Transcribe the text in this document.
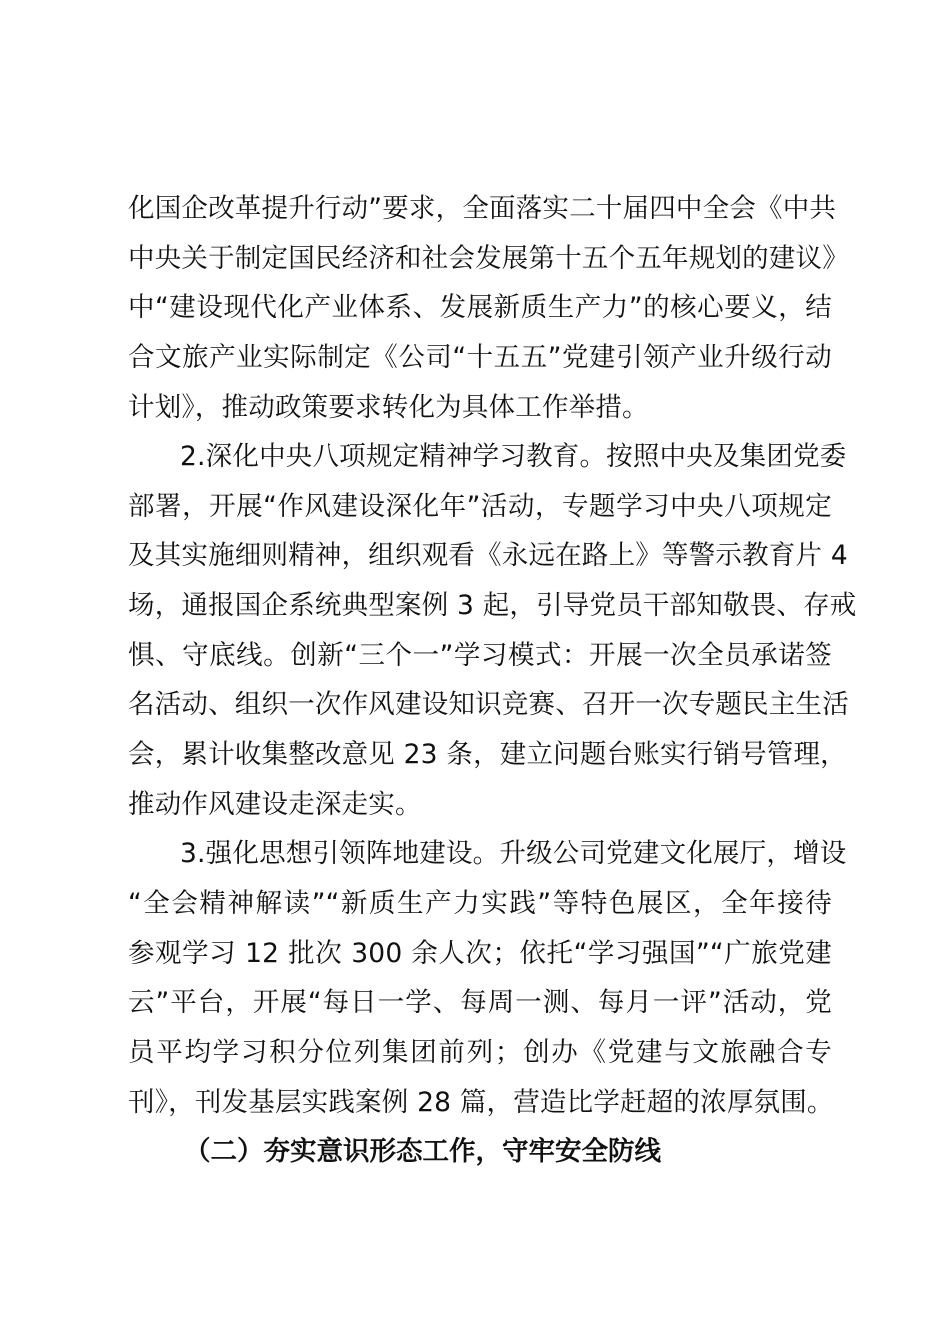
化国企改革提升行动”要求，全面落实二十届四中全会《中共
中央关于制定国民经济和社会发展第十五个五年规划的建议》
中“建设现代化产业体系、发展新质生产力”的核心要义，结
合文旅产业实际制定《公司“十五五”党建引领产业升级行动
计划》，推动政策要求转化为具体工作举措。
2.深化中央八项规定精神学习教育。按照中央及集团党委
部署，开展“作风建设深化年”活动，专题学习中央八项规定
及其实施细则精神，组织观看《永远在路上》等警示教育片 4
场，通报国企系统典型案例 3 起，引导党员干部知敬畏、存戒
惧、守底线。创新“三个一”学习模式：开展一次全员承诺签
名活动、组织一次作风建设知识竞赛、召开一次专题民主生活
会，累计收集整改意见 23 条，建立问题台账实行销号管理，
推动作风建设走深走实。
3.强化思想引领阵地建设。升级公司党建文化展厅，增设
“全会精神解读”“新质生产力实践”等特色展区，全年接待
参观学习 12 批次 300 余人次；依托“学习强国”“广旅党建
云”平台，开展“每日一学、每周一测、每月一评”活动，党
员平均学习积分位列集团前列；创办《党建与文旅融合专
刊》，刊发基层实践案例 28 篇，营造比学赶超的浓厚氛围。
（二）夯实意识形态工作，守牢安全防线
